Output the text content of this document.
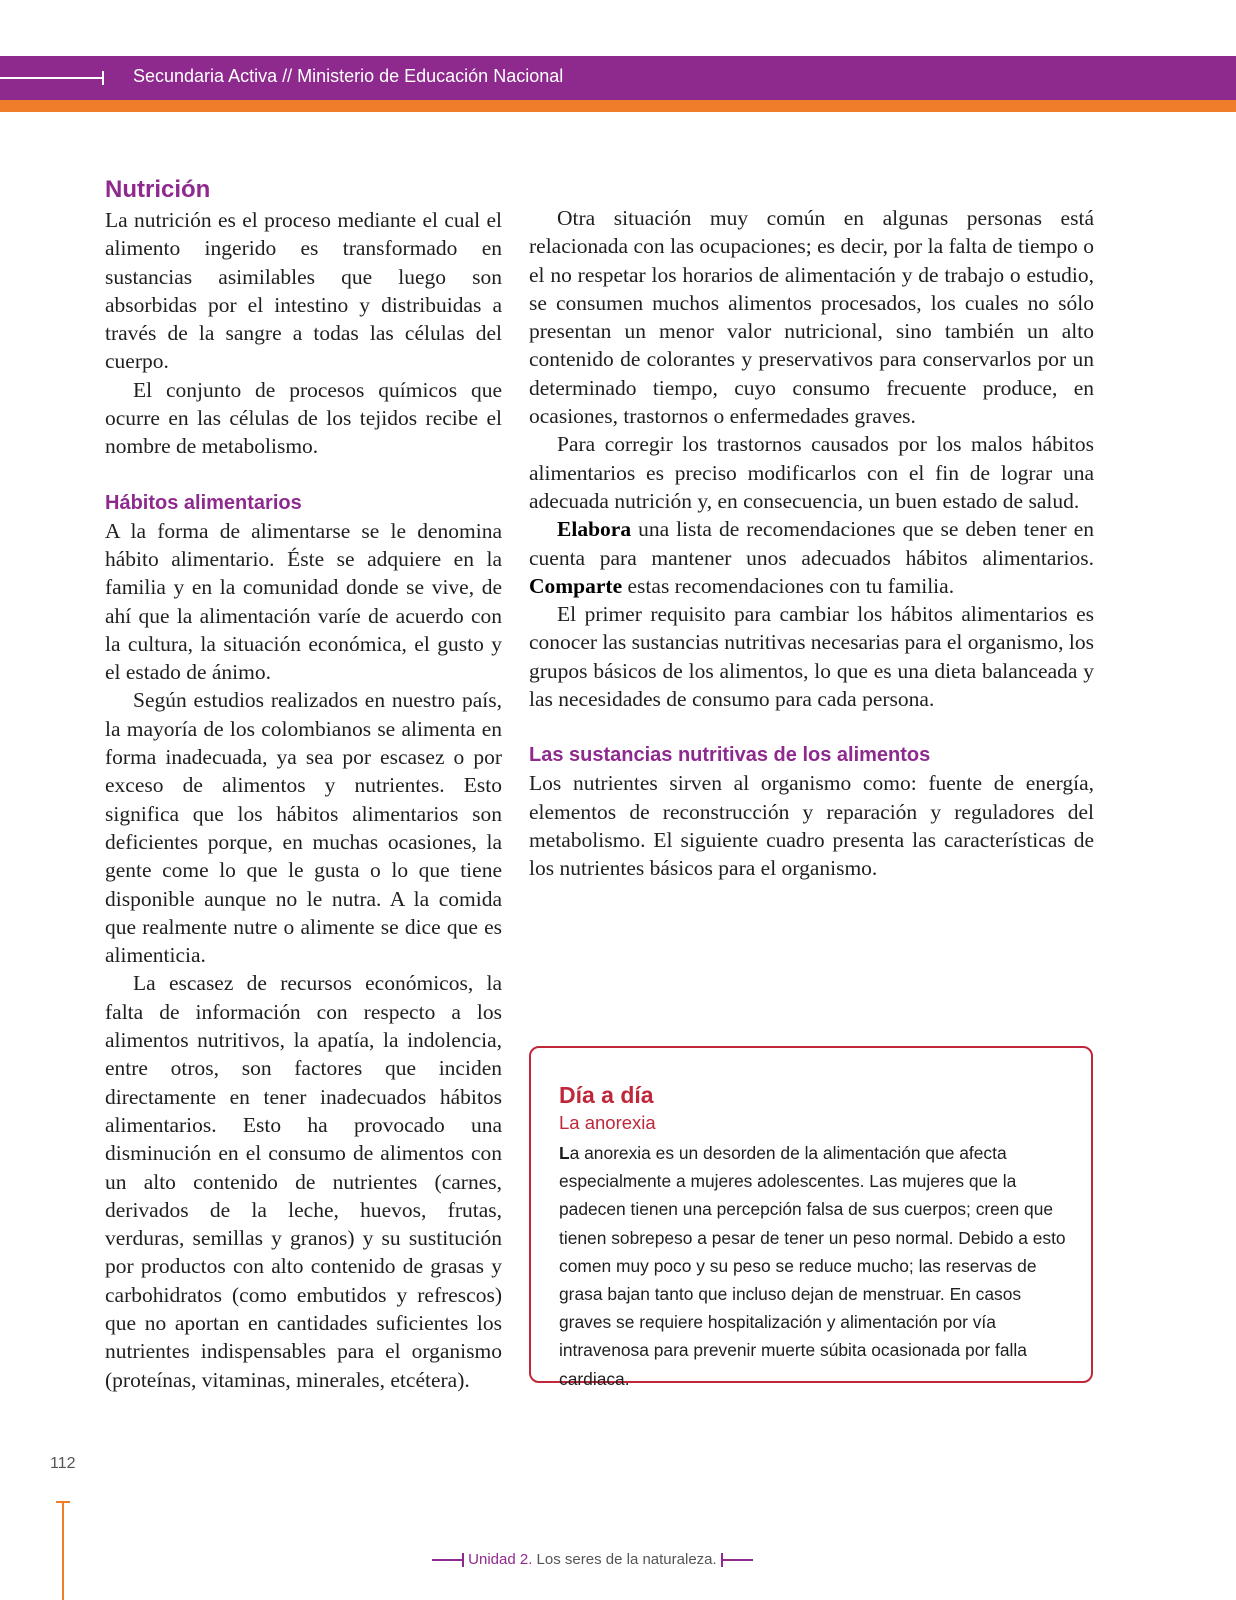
Secundaria Activa // Ministerio de Educación Nacional
Nutrición

La nutrición es el proceso mediante el cual el alimento ingerido es transformado en sustancias asimilables que luego son absorbidas por el intestino y distribuidas a través de la sangre a todas las células del cuerpo.

El conjunto de procesos químicos que ocurre en las células de los tejidos recibe el nombre de metabolismo.

Hábitos alimentarios

A la forma de alimentarse se le denomina hábito alimentario. Éste se adquiere en la familia y en la comunidad donde se vive, de ahí que la alimentación varíe de acuerdo con la cultura, la situación económica, el gusto y el estado de ánimo.

Según estudios realizados en nuestro país, la mayoría de los colombianos se alimenta en forma inadecuada, ya sea por escasez o por exceso de alimentos y nutrientes. Esto significa que los hábitos alimentarios son deficientes porque, en muchas ocasiones, la gente come lo que le gusta o lo que tiene disponible aunque no le nutra. A la comida que realmente nutre o alimente se dice que es alimenticia.

La escasez de recursos económicos, la falta de información con respecto a los alimentos nutritivos, la apatía, la indolencia, entre otros, son factores que inciden directamente en tener inadecuados hábitos alimentarios. Esto ha provocado una disminución en el consumo de alimentos con un alto contenido de nutrientes (carnes, derivados de la leche, huevos, frutas, verduras, semillas y granos) y su sustitución por productos con alto contenido de grasas y carbohidratos (como embutidos y refrescos) que no aportan en cantidades suficientes los nutrientes indispensables para el organismo (proteínas, vitaminas, minerales, etcétera).

Otra situación muy común en algunas personas está relacionada con las ocupaciones; es decir, por la falta de tiempo o el no respetar los horarios de alimentación y de trabajo o estudio, se consumen muchos alimentos procesados, los cuales no sólo presentan un menor valor nutricional, sino también un alto contenido de colorantes y preservativos para conservarlos por un determinado tiempo, cuyo consumo frecuente produce, en ocasiones, trastornos o enfermedades graves.

Para corregir los trastornos causados por los malos hábitos alimentarios es preciso modificarlos con el fin de lograr una adecuada nutrición y, en consecuencia, un buen estado de salud.

Elabora una lista de recomendaciones que se deben tener en cuenta para mantener unos adecuados hábitos alimentarios. Comparte estas recomendaciones con tu familia.

El primer requisito para cambiar los hábitos alimentarios es conocer las sustancias nutritivas necesarias para el organismo, los grupos básicos de los alimentos, lo que es una dieta balanceada y las necesidades de consumo para cada persona.

Las sustancias nutritivas de los alimentos

Los nutrientes sirven al organismo como: fuente de energía, elementos de reconstrucción y reparación y reguladores del metabolismo. El siguiente cuadro presenta las características de los nutrientes básicos para el organismo.

Día a día
La anorexia
La anorexia es un desorden de la alimentación que afecta especialmente a mujeres adolescentes. Las mujeres que la padecen tienen una percepción falsa de sus cuerpos; creen que tienen sobrepeso a pesar de tener un peso normal. Debido a esto comen muy poco y su peso se reduce mucho; las reservas de grasa bajan tanto que incluso dejan de menstruar. En casos graves se requiere hospitalización y alimentación por vía intravenosa para prevenir muerte súbita ocasionada por falla cardiaca.
112
Unidad 2. Los seres de la naturaleza.
